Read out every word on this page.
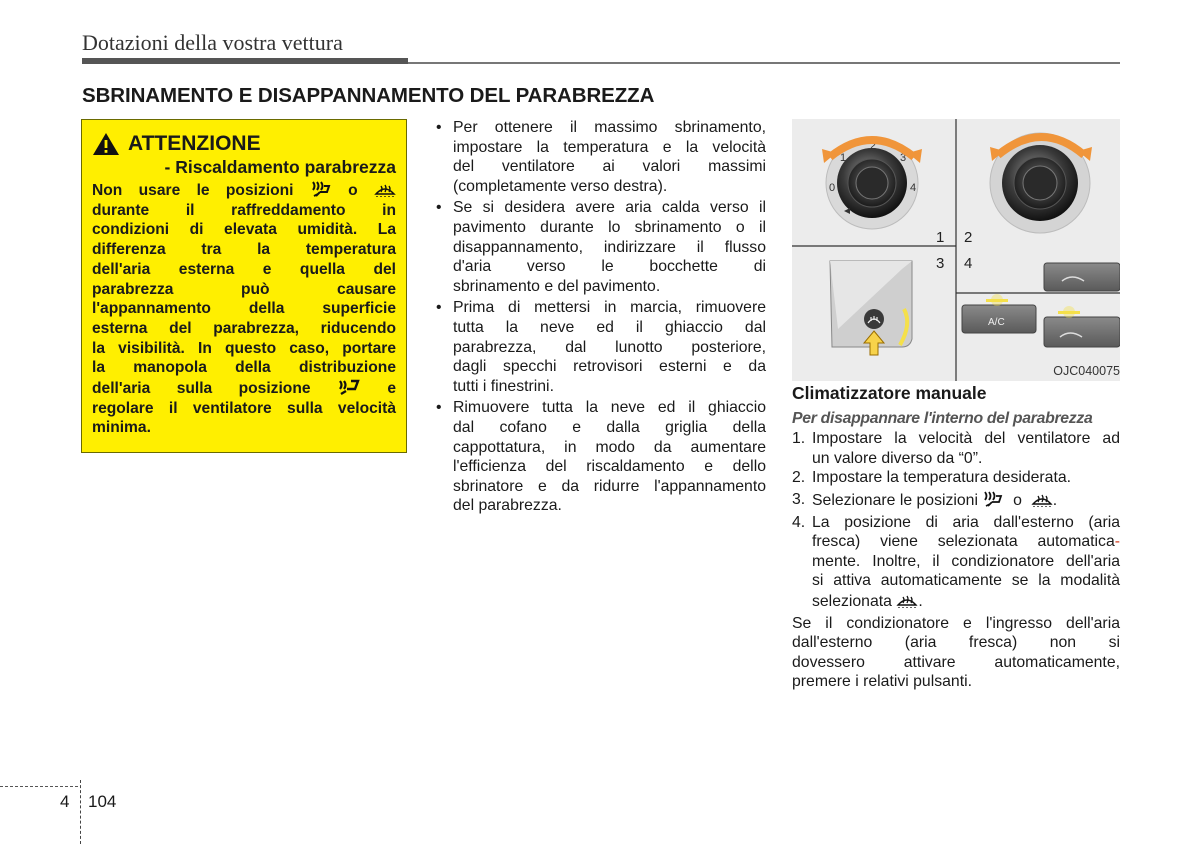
Dotazioni della vostra vettura
SBRINAMENTO E DISAPPANNAMENTO DEL PARABREZZA
ATTENZIONE
- Riscaldamento parabrezza
Non usare le posizioni	o
durante il raffreddamento in
condizioni di elevata umidità. La
differenza tra la temperatura
dell'aria esterna e quella del
parabrezza può causare
l'appannamento della superficie
esterna del parabrezza, riducendo
la visibilità. In questo caso, portare
la manopola della distribuzione
dell'aria sulla posizione	e
regolare il ventilatore sulla velocità
minima.
• Per ottenere il massimo sbrinamento,
impostare la temperatura e la velocità
del ventilatore ai valori massimi
(completamente verso destra).
• Se si desidera avere aria calda verso il
pavimento durante lo sbrinamento o il
disappannamento, indirizzare il flusso
d'aria verso le bocchette di
sbrinamento e del pavimento.
• Prima di mettersi in marcia, rimuovere
tutta la neve ed il ghiaccio dal
parabrezza, dal lunotto posteriore,
dagli specchi retrovisori esterni e da
tutti i finestrini.
• Rimuovere tutta la neve ed il ghiaccio
dal cofano e dalla griglia della
cappottatura, in modo da aumentare
l'efficienza del riscaldamento e dello
sbrinatore e da ridurre l'appannamento
del parabrezza.
0
1
2
3
4
1 2
3 4
A/C
OJC040075
Climatizzatore manuale
Per disappannare l'interno del parabrezza
1. Impostare la velocità del ventilatore ad
un valore diverso da “0”.
2. Impostare la temperatura desiderata.
3. Selezionare le posizioni o .
4. La posizione di aria dall'esterno (aria
fresca) viene selezionata automatica-
mente. Inoltre, il condizionatore dell'aria
si attiva automaticamente se la modalità
selezionata .
Se il condizionatore e l'ingresso dell'aria
dall'esterno (aria fresca) non si
dovessero attivare automaticamente,
premere i relativi pulsanti.
4 104
